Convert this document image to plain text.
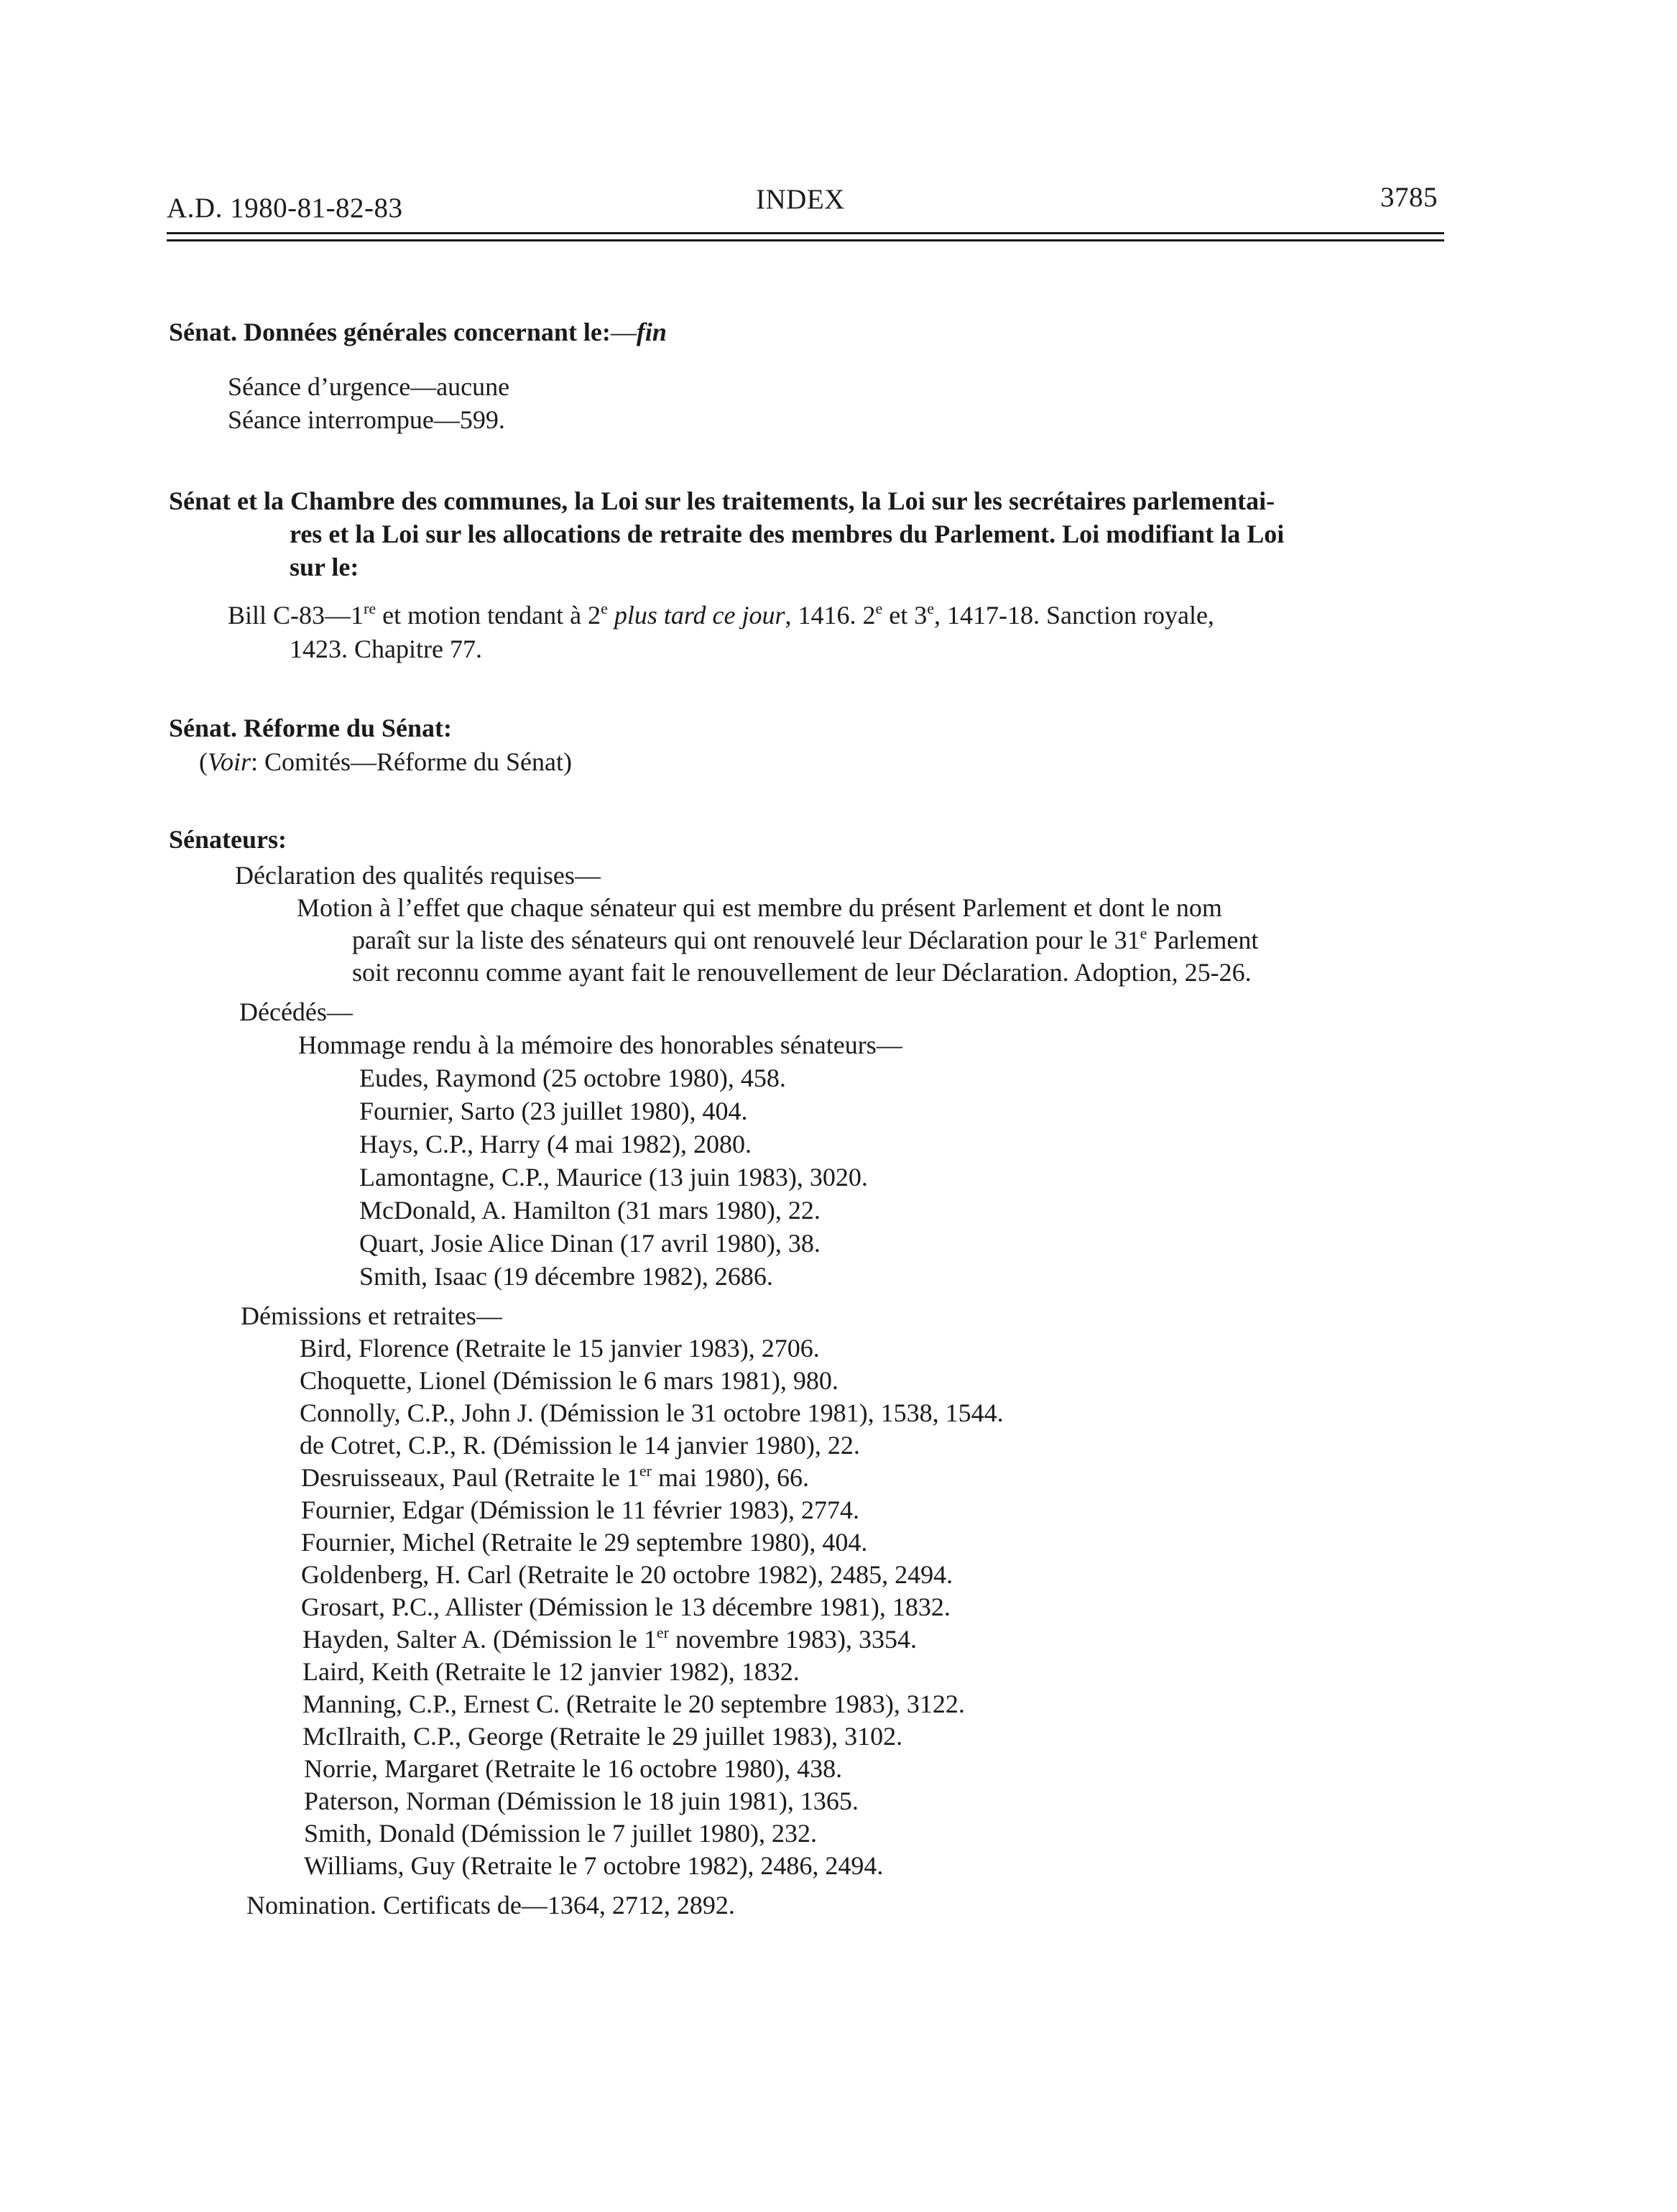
A.D. 1980-81-82-83	INDEX	3785
Sénat. Données générales concernant le:—fin
Séance d’urgence—aucune
Séance interrompue—599.
Sénat et la Chambre des communes, la Loi sur les traitements, la Loi sur les secrétaires parlementai-
res et la Loi sur les allocations de retraite des membres du Parlement. Loi modifiant la Loi
sur le:
Bill C-83—1re et motion tendant à 2e plus tard ce jour, 1416. 2e et 3e, 1417-18. Sanction royale,
1423. Chapitre 77.
Sénat. Réforme du Sénat:
(Voir: Comités—Réforme du Sénat)
Sénateurs:
Déclaration des qualités requises—
Motion à l’effet que chaque sénateur qui est membre du présent Parlement et dont le nom
paraît sur la liste des sénateurs qui ont renouvelé leur Déclaration pour le 31e Parlement
soit reconnu comme ayant fait le renouvellement de leur Déclaration. Adoption, 25-26.
Décédés—
Hommage rendu à la mémoire des honorables sénateurs—
Eudes, Raymond (25 octobre 1980), 458.
Fournier, Sarto (23 juillet 1980), 404.
Hays, C.P., Harry (4 mai 1982), 2080.
Lamontagne, C.P., Maurice (13 juin 1983), 3020.
McDonald, A. Hamilton (31 mars 1980), 22.
Quart, Josie Alice Dinan (17 avril 1980), 38.
Smith, Isaac (19 décembre 1982), 2686.
Démissions et retraites—
Bird, Florence (Retraite le 15 janvier 1983), 2706.
Choquette, Lionel (Démission le 6 mars 1981), 980.
Connolly, C.P., John J. (Démission le 31 octobre 1981), 1538, 1544.
de Cotret, C.P., R. (Démission le 14 janvier 1980), 22.
Desruisseaux, Paul (Retraite le 1er mai 1980), 66.
Fournier, Edgar (Démission le 11 février 1983), 2774.
Fournier, Michel (Retraite le 29 septembre 1980), 404.
Goldenberg, H. Carl (Retraite le 20 octobre 1982), 2485, 2494.
Grosart, P.C., Allister (Démission le 13 décembre 1981), 1832.
Hayden, Salter A. (Démission le 1er novembre 1983), 3354.
Laird, Keith (Retraite le 12 janvier 1982), 1832.
Manning, C.P., Ernest C. (Retraite le 20 septembre 1983), 3122.
McIlraith, C.P., George (Retraite le 29 juillet 1983), 3102.
Norrie, Margaret (Retraite le 16 octobre 1980), 438.
Paterson, Norman (Démission le 18 juin 1981), 1365.
Smith, Donald (Démission le 7 juillet 1980), 232.
Williams, Guy (Retraite le 7 octobre 1982), 2486, 2494.
Nomination. Certificats de—1364, 2712, 2892.
